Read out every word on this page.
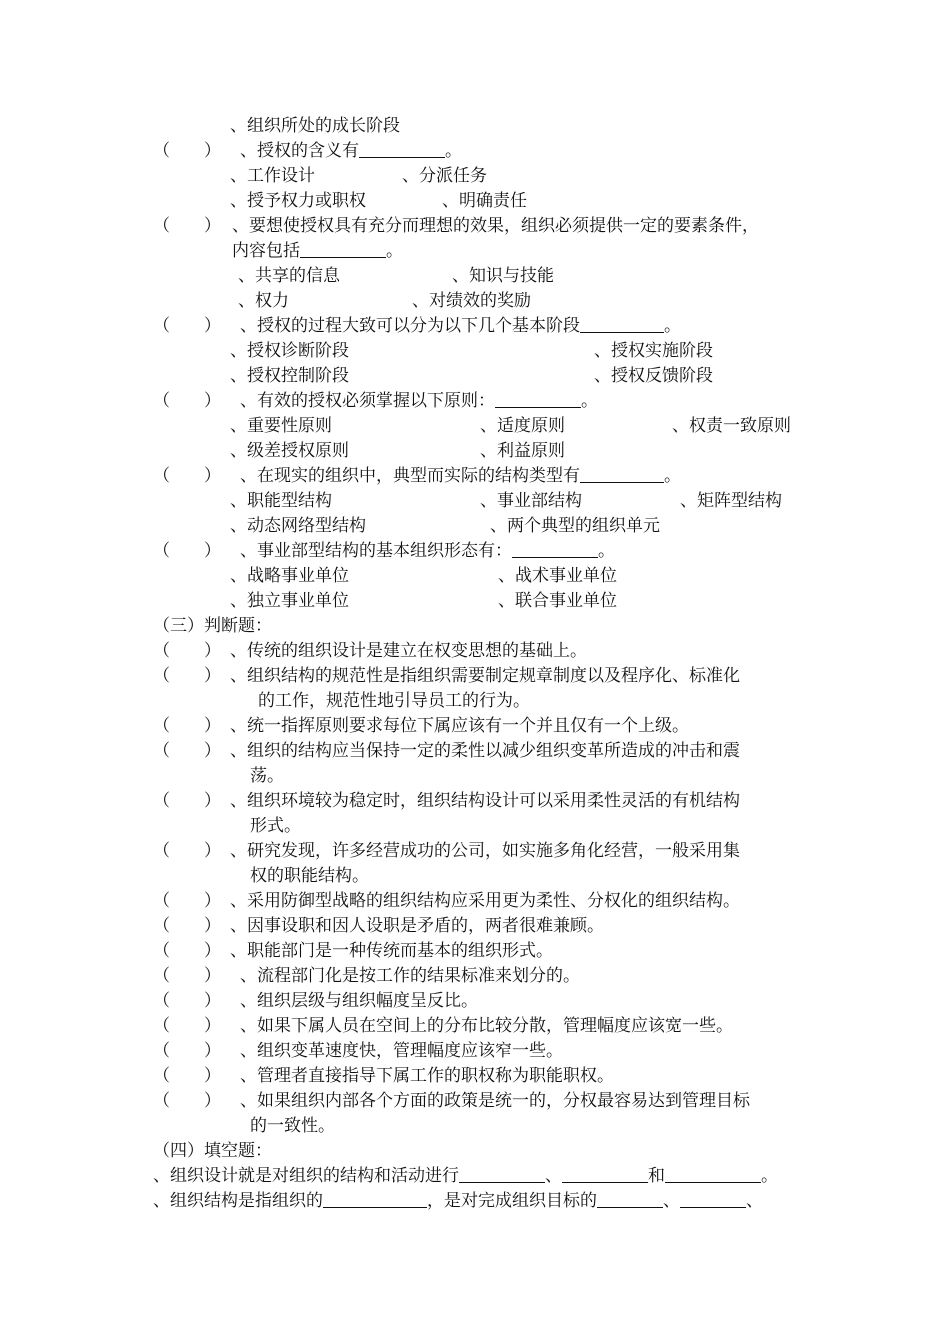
、组织所处的成长阶段
（　　） 、授权的含义有	。
、工作设计	、分派任务
、授予权力或职权	、明确责任
（　　） 、要想使授权具有充分而理想的效果，组织必须提供一定的要素条件，
内容包括	。
、共享的信息	、知识与技能
、权力	、对绩效的奖励
（　　） 、授权的过程大致可以分为以下几个基本阶段	。
、授权诊断阶段	、授权实施阶段
、授权控制阶段	、授权反馈阶段
（　　） 、有效的授权必须掌握以下原则：	。
、重要性原则	、适度原则	、权责一致原则
、级差授权原则	、利益原则
（　　） 、在现实的组织中，典型而实际的结构类型有	。
、职能型结构	、事业部结构	、矩阵型结构
、动态网络型结构	、两个典型的组织单元
（　　） 、事业部型结构的基本组织形态有：	。
、战略事业单位	、战术事业单位
、独立事业单位	、联合事业单位
（三）判断题：
（　　） 、传统的组织设计是建立在权变思想的基础上。
（　　） 、组织结构的规范性是指组织需要制定规章制度以及程序化、标准化
的工作，规范性地引导员工的行为。
（　　） 、统一指挥原则要求每位下属应该有一个并且仅有一个上级。
（　　） 、组织的结构应当保持一定的柔性以减少组织变革所造成的冲击和震
荡。
（　　） 、组织环境较为稳定时，组织结构设计可以采用柔性灵活的有机结构
形式。
（　　） 、研究发现，许多经营成功的公司，如实施多角化经营，一般采用集
权的职能结构。
（　　） 、采用防御型战略的组织结构应采用更为柔性、分权化的组织结构。
（　　） 、因事设职和因人设职是矛盾的，两者很难兼顾。
（　　） 、职能部门是一种传统而基本的组织形式。
（　　） 、流程部门化是按工作的结果标准来划分的。
（　　） 、组织层级与组织幅度呈反比。
（　　） 、如果下属人员在空间上的分布比较分散，管理幅度应该宽一些。
（　　） 、组织变革速度快，管理幅度应该窄一些。
（　　） 、管理者直接指导下属工作的职权称为职能职权。
（　　） 、如果组织内部各个方面的政策是统一的，分权最容易达到管理目标
的一致性。
（四）填空题：
、组织设计就是对组织的结构和活动进行	、	和	。
、组织结构是指组织的	，是对完成组织目标的	、	、
